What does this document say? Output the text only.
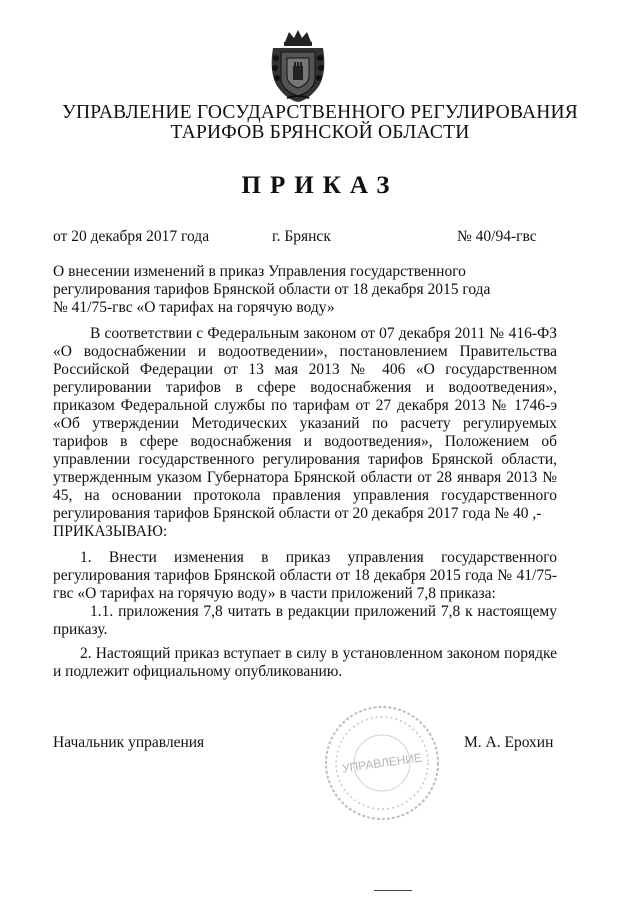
УПРАВЛЕНИЕ ГОСУДАРСТВЕННОГО РЕГУЛИРОВАНИЯ
ТАРИФОВ БРЯНСКОЙ ОБЛАСТИ
ПРИКАЗ
от 20 декабря 2017 года	г. Брянск	№ 40/94-гвс
О внесении изменений в приказ Управления государственного регулирования тарифов Брянской области от 18 декабря 2015 года № 41/75-гвс «О тарифах на горячую воду»

В соответствии с Федеральным законом от 07 декабря 2011 № 416-ФЗ «О водоснабжении и водоотведении», постановлением Правительства Российской Федерации от 13 мая 2013 № 406 «О государственном регулировании тарифов в сфере водоснабжения и водоотведения», приказом Федеральной службы по тарифам от 27 декабря 2013 № 1746-э «Об утверждении Методических указаний по расчету регулируемых тарифов в сфере водоснабжения и водоотведения», Положением об управлении государственного регулирования тарифов Брянской области, утвержденным указом Губернатора Брянской области от 28 января 2013 № 45, на основании протокола правления управления государственного регулирования тарифов Брянской области от 20 декабря 2017 года № 40 ,-

ПРИКАЗЫВАЮ:

1. Внести изменения в приказ управления государственного регулирования тарифов Брянской области от 18 декабря 2015 года № 41/75-гвс «О тарифах на горячую воду» в части приложений 7,8 приказа:

1.1. приложения 7,8 читать в редакции приложений 7,8 к настоящему приказу.

2. Настоящий приказ вступает в силу в установленном законом порядке и подлежит официальному опубликованию.

Начальник управления
УПРАВЛЕНИЕ
М. А. Ерохин
